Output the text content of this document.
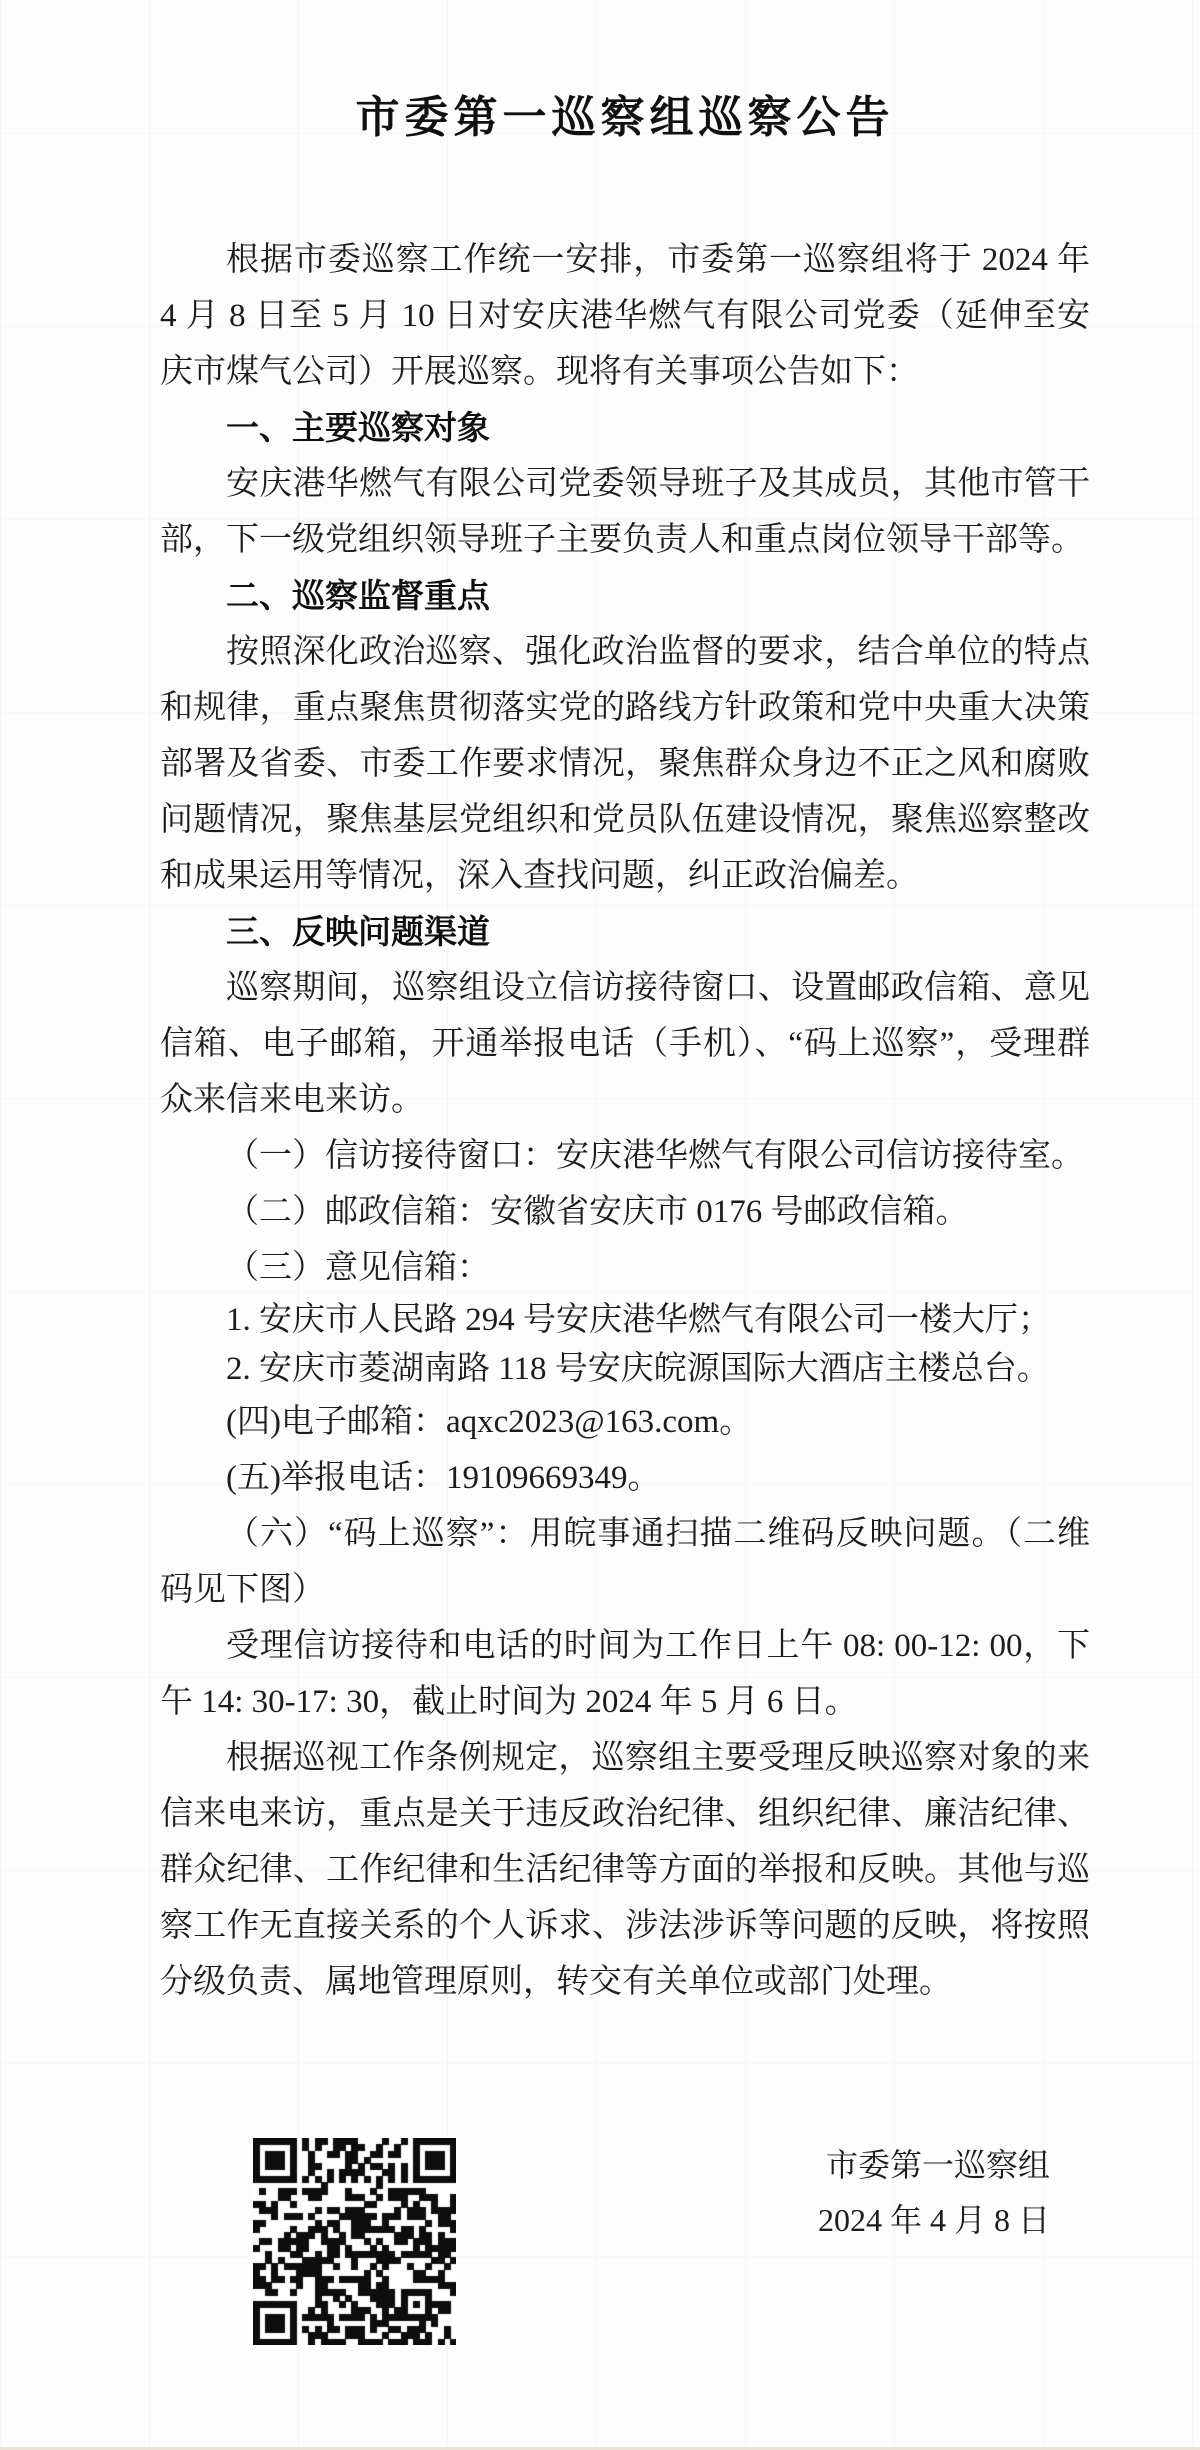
市委第一巡察组巡察公告

根据市委巡察工作统一安排，市委第一巡察组将于 2024 年 4 月 8 日至 5 月 10 日对安庆港华燃气有限公司党委（延伸至安庆市煤气公司）开展巡察。现将有关事项公告如下：

一、主要巡察对象

安庆港华燃气有限公司党委领导班子及其成员，其他市管干部，下一级党组织领导班子主要负责人和重点岗位领导干部等。

二、巡察监督重点

按照深化政治巡察、强化政治监督的要求，结合单位的特点和规律，重点聚焦贯彻落实党的路线方针政策和党中央重大决策部署及省委、市委工作要求情况，聚焦群众身边不正之风和腐败问题情况，聚焦基层党组织和党员队伍建设情况，聚焦巡察整改和成果运用等情况，深入查找问题，纠正政治偏差。

三、反映问题渠道

巡察期间，巡察组设立信访接待窗口、设置邮政信箱、意见信箱、电子邮箱，开通举报电话（手机）、“码上巡察”，受理群众来信来电来访。

（一）信访接待窗口：安庆港华燃气有限公司信访接待室。

（二）邮政信箱：安徽省安庆市 0176 号邮政信箱。

（三）意见信箱：

1. 安庆市人民路 294 号安庆港华燃气有限公司一楼大厅；

2. 安庆市菱湖南路 118 号安庆皖源国际大酒店主楼总台。

(四)电子邮箱：aqxc2023@163.com。

(五)举报电话：19109669349。

（六）“码上巡察”：用皖事通扫描二维码反映问题。（二维码见下图）

受理信访接待和电话的时间为工作日上午 08: 00-12: 00，下午 14: 30-17: 30，截止时间为 2024 年 5 月 6 日。

根据巡视工作条例规定，巡察组主要受理反映巡察对象的来信来电来访，重点是关于违反政治纪律、组织纪律、廉洁纪律、群众纪律、工作纪律和生活纪律等方面的举报和反映。其他与巡察工作无直接关系的个人诉求、涉法涉诉等问题的反映，将按照分级负责、属地管理原则，转交有关单位或部门处理。

市委第一巡察组
2024 年 4 月 8 日
